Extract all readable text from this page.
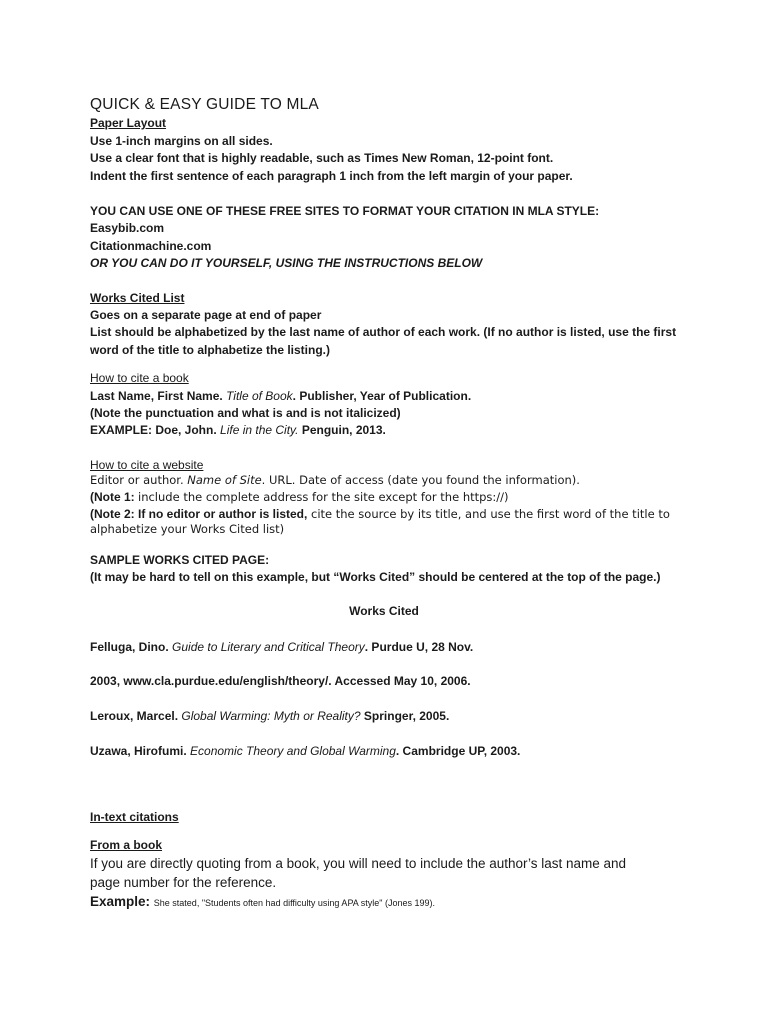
QUICK & EASY GUIDE TO MLA
Paper Layout
Use 1-inch margins on all sides.
Use a clear font that is highly readable, such as Times New Roman, 12-point font.
Indent the first sentence of each paragraph 1 inch from the left margin of your paper.
YOU CAN USE ONE OF THESE FREE SITES TO FORMAT YOUR CITATION IN MLA STYLE:
Easybib.com
Citationmachine.com
OR YOU CAN DO IT YOURSELF, USING THE INSTRUCTIONS BELOW
Works Cited List
Goes on a separate page at end of paper
List should be alphabetized by the last name of author of each work. (If no author is listed, use the first
word of the title to alphabetize the listing.)
How to cite a book
Last Name, First Name. Title of Book. Publisher, Year of Publication.
(Note the punctuation and what is and is not italicized)
EXAMPLE: Doe, John. Life in the City. Penguin, 2013.
How to cite a website
Editor or author. Name of Site. URL. Date of access (date you found the information).
(Note 1: include the complete address for the site except for the https://)
(Note 2: If no editor or author is listed, cite the source by its title, and use the first word of the title to
alphabetize your Works Cited list)
SAMPLE WORKS CITED PAGE:
(It may be hard to tell on this example, but “Works Cited” should be centered at the top of the page.)
Works Cited
Felluga, Dino. Guide to Literary and Critical Theory. Purdue U, 28 Nov.
2003, www.cla.purdue.edu/english/theory/. Accessed May 10, 2006.
Leroux, Marcel. Global Warming: Myth or Reality? Springer, 2005.
Uzawa, Hirofumi. Economic Theory and Global Warming. Cambridge UP, 2003.
In-text citations
From a book
If you are directly quoting from a book, you will need to include the author’s last name and
page number for the reference.
Example: She stated, "Students often had difficulty using APA style" (Jones 199).
